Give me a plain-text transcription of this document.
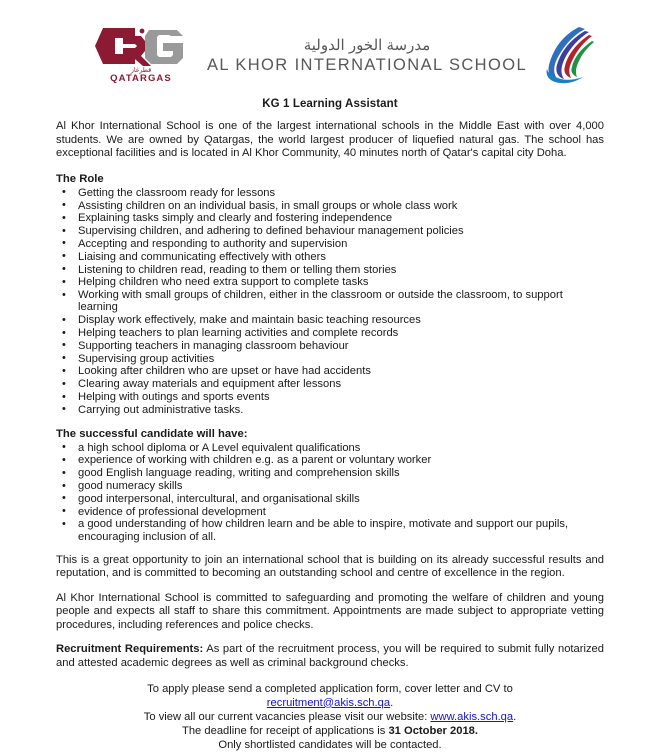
قطرغاز
QATARGAS
مدرسة الخور الدولية
AL KHOR INTERNATIONAL SCHOOL
KG 1 Learning Assistant

Al Khor International School is one of the largest international schools in the Middle East with over 4,000 students. We are owned by Qatargas, the world largest producer of liquefied natural gas. The school has exceptional facilities and is located in Al Khor Community, 40 minutes north of Qatar's capital city Doha.

The Role
• Getting the classroom ready for lessons
• Assisting children on an individual basis, in small groups or whole class work
• Explaining tasks simply and clearly and fostering independence
• Supervising children, and adhering to defined behaviour management policies
• Accepting and responding to authority and supervision
• Liaising and communicating effectively with others
• Listening to children read, reading to them or telling them stories
• Helping children who need extra support to complete tasks
• Working with small groups of children, either in the classroom or outside the classroom, to support learning
• Display work effectively, make and maintain basic teaching resources
• Helping teachers to plan learning activities and complete records
• Supporting teachers in managing classroom behaviour
• Supervising group activities
• Looking after children who are upset or have had accidents
• Clearing away materials and equipment after lessons
• Helping with outings and sports events
• Carrying out administrative tasks.
The successful candidate will have:
• a high school diploma or A Level equivalent qualifications
• experience of working with children e.g. as a parent or voluntary worker
• good English language reading, writing and comprehension skills
• good numeracy skills
• good interpersonal, intercultural, and organisational skills
• evidence of professional development
• a good understanding of how children learn and be able to inspire, motivate and support our pupils, encouraging inclusion of all.

This is a great opportunity to join an international school that is building on its already successful results and reputation, and is committed to becoming an outstanding school and centre of excellence in the region.

Al Khor International School is committed to safeguarding and promoting the welfare of children and young people and expects all staff to share this commitment. Appointments are made subject to appropriate vetting procedures, including references and police checks.

Recruitment Requirements: As part of the recruitment process, you will be required to submit fully notarized and attested academic degrees as well as criminal background checks.

To apply please send a completed application form, cover letter and CV to

recruitment@akis.sch.qa.

To view all our current vacancies please visit our website: www.akis.sch.qa.

The deadline for receipt of applications is 31 October 2018.

Only shortlisted candidates will be contacted.
